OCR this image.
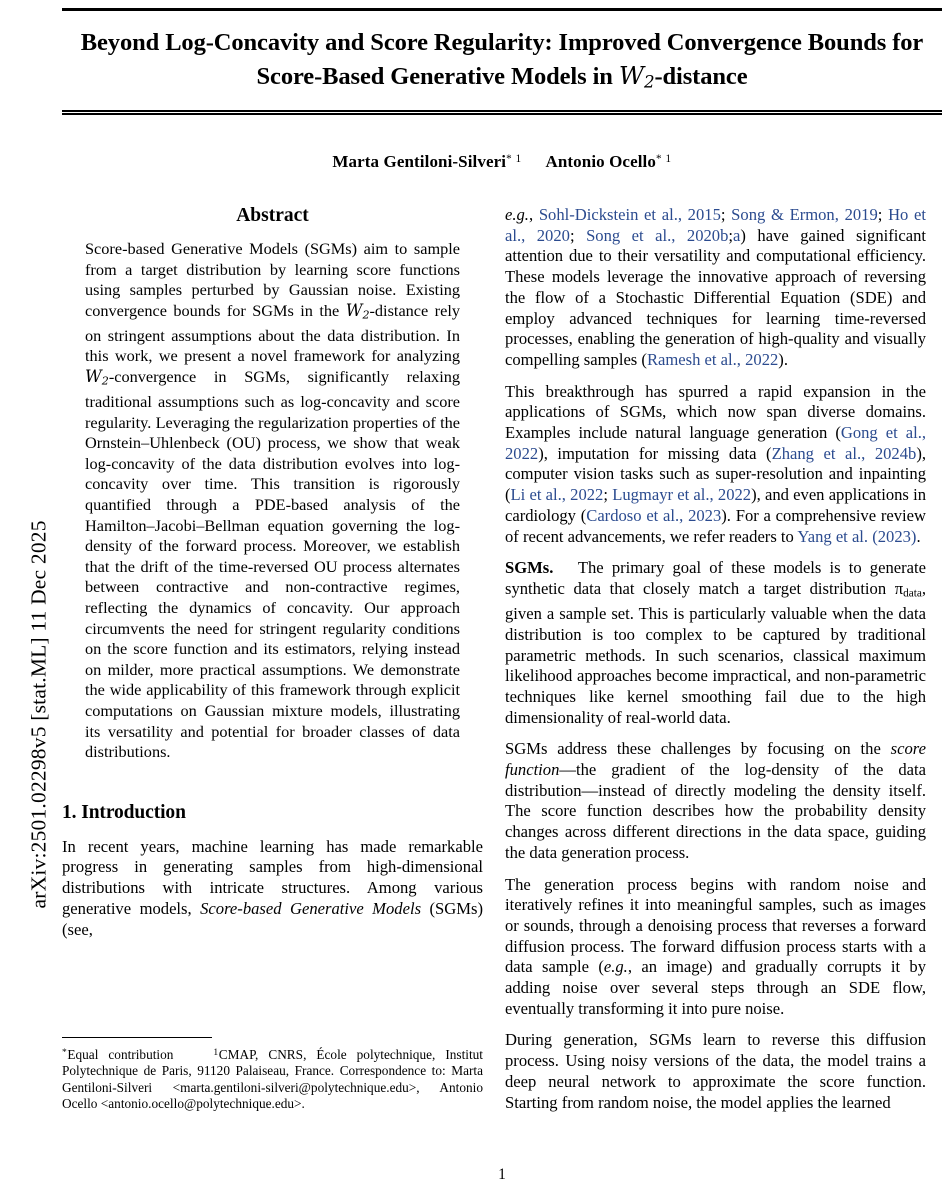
arXiv:2501.02298v5 [stat.ML] 11 Dec 2025
Beyond Log-Concavity and Score Regularity: Improved Convergence Bounds for
Score-Based Generative Models in $W_2$-distance
Marta Gentiloni-Silveri$^{* 1}$ Antonio Ocello$^{* 1}$
Abstract

Score-based Generative Models (SGMs) aim to sample from a target distribution by learning score functions using samples perturbed by Gaussian noise. Existing convergence bounds for SGMs in the $W_2$-distance rely on stringent assumptions about the data distribution. In this work, we present a novel framework for analyzing $W_2$-convergence in SGMs, significantly relaxing traditional assumptions such as log-concavity and score regularity. Leveraging the regularization properties of the Ornstein–Uhlenbeck (OU) process, we show that weak log-concavity of the data distribution evolves into log-concavity over time. This transition is rigorously quantified through a PDE-based analysis of the Hamilton–Jacobi–Bellman equation governing the log-density of the forward process. Moreover, we establish that the drift of the time-reversed OU process alternates between contractive and non-contractive regimes, reflecting the dynamics of concavity. Our approach circumvents the need for stringent regularity conditions on the score function and its estimators, relying instead on milder, more practical assumptions. We demonstrate the wide applicability of this framework through explicit computations on Gaussian mixture models, illustrating its versatility and potential for broader classes of data distributions.

1. Introduction

In recent years, machine learning has made remarkable progress in generating samples from high-dimensional distributions with intricate structures. Among various generative models, Score-based Generative Models (SGMs) (see,

*Equal contribution	$^1$CMAP, CNRS, École polytechnique, Institut Polytechnique de Paris, 91120 Palaiseau, France. Correspondence to: Marta Gentiloni-Silveri <marta.gentiloni-silveri@polytechnique.edu>, Antonio Ocello <antonio.ocello@polytechnique.edu>.

e.g., Sohl-Dickstein et al., 2015; Song & Ermon, 2019; Ho et al., 2020; Song et al., 2020b;a) have gained significant attention due to their versatility and computational efficiency. These models leverage the innovative approach of reversing the flow of a Stochastic Differential Equation (SDE) and employ advanced techniques for learning time-reversed processes, enabling the generation of high-quality and visually compelling samples (Ramesh et al., 2022).

This breakthrough has spurred a rapid expansion in the applications of SGMs, which now span diverse domains. Examples include natural language generation (Gong et al., 2022), imputation for missing data (Zhang et al., 2024b), computer vision tasks such as super-resolution and inpainting (Li et al., 2022; Lugmayr et al., 2022), and even applications in cardiology (Cardoso et al., 2023). For a comprehensive review of recent advancements, we refer readers to Yang et al. (2023).

SGMs. The primary goal of these models is to generate synthetic data that closely match a target distribution $\pi_{data}$, given a sample set. This is particularly valuable when the data distribution is too complex to be captured by traditional parametric methods. In such scenarios, classical maximum likelihood approaches become impractical, and non-parametric techniques like kernel smoothing fail due to the high dimensionality of real-world data.

SGMs address these challenges by focusing on the score function—the gradient of the log-density of the data distribution—instead of directly modeling the density itself. The score function describes how the probability density changes across different directions in the data space, guiding the data generation process.

The generation process begins with random noise and iteratively refines it into meaningful samples, such as images or sounds, through a denoising process that reverses a forward diffusion process. The forward diffusion process starts with a data sample (e.g., an image) and gradually corrupts it by adding noise over several steps through an SDE flow, eventually transforming it into pure noise.

During generation, SGMs learn to reverse this diffusion process. Using noisy versions of the data, the model trains a deep neural network to approximate the score function. Starting from random noise, the model applies the learned

1
